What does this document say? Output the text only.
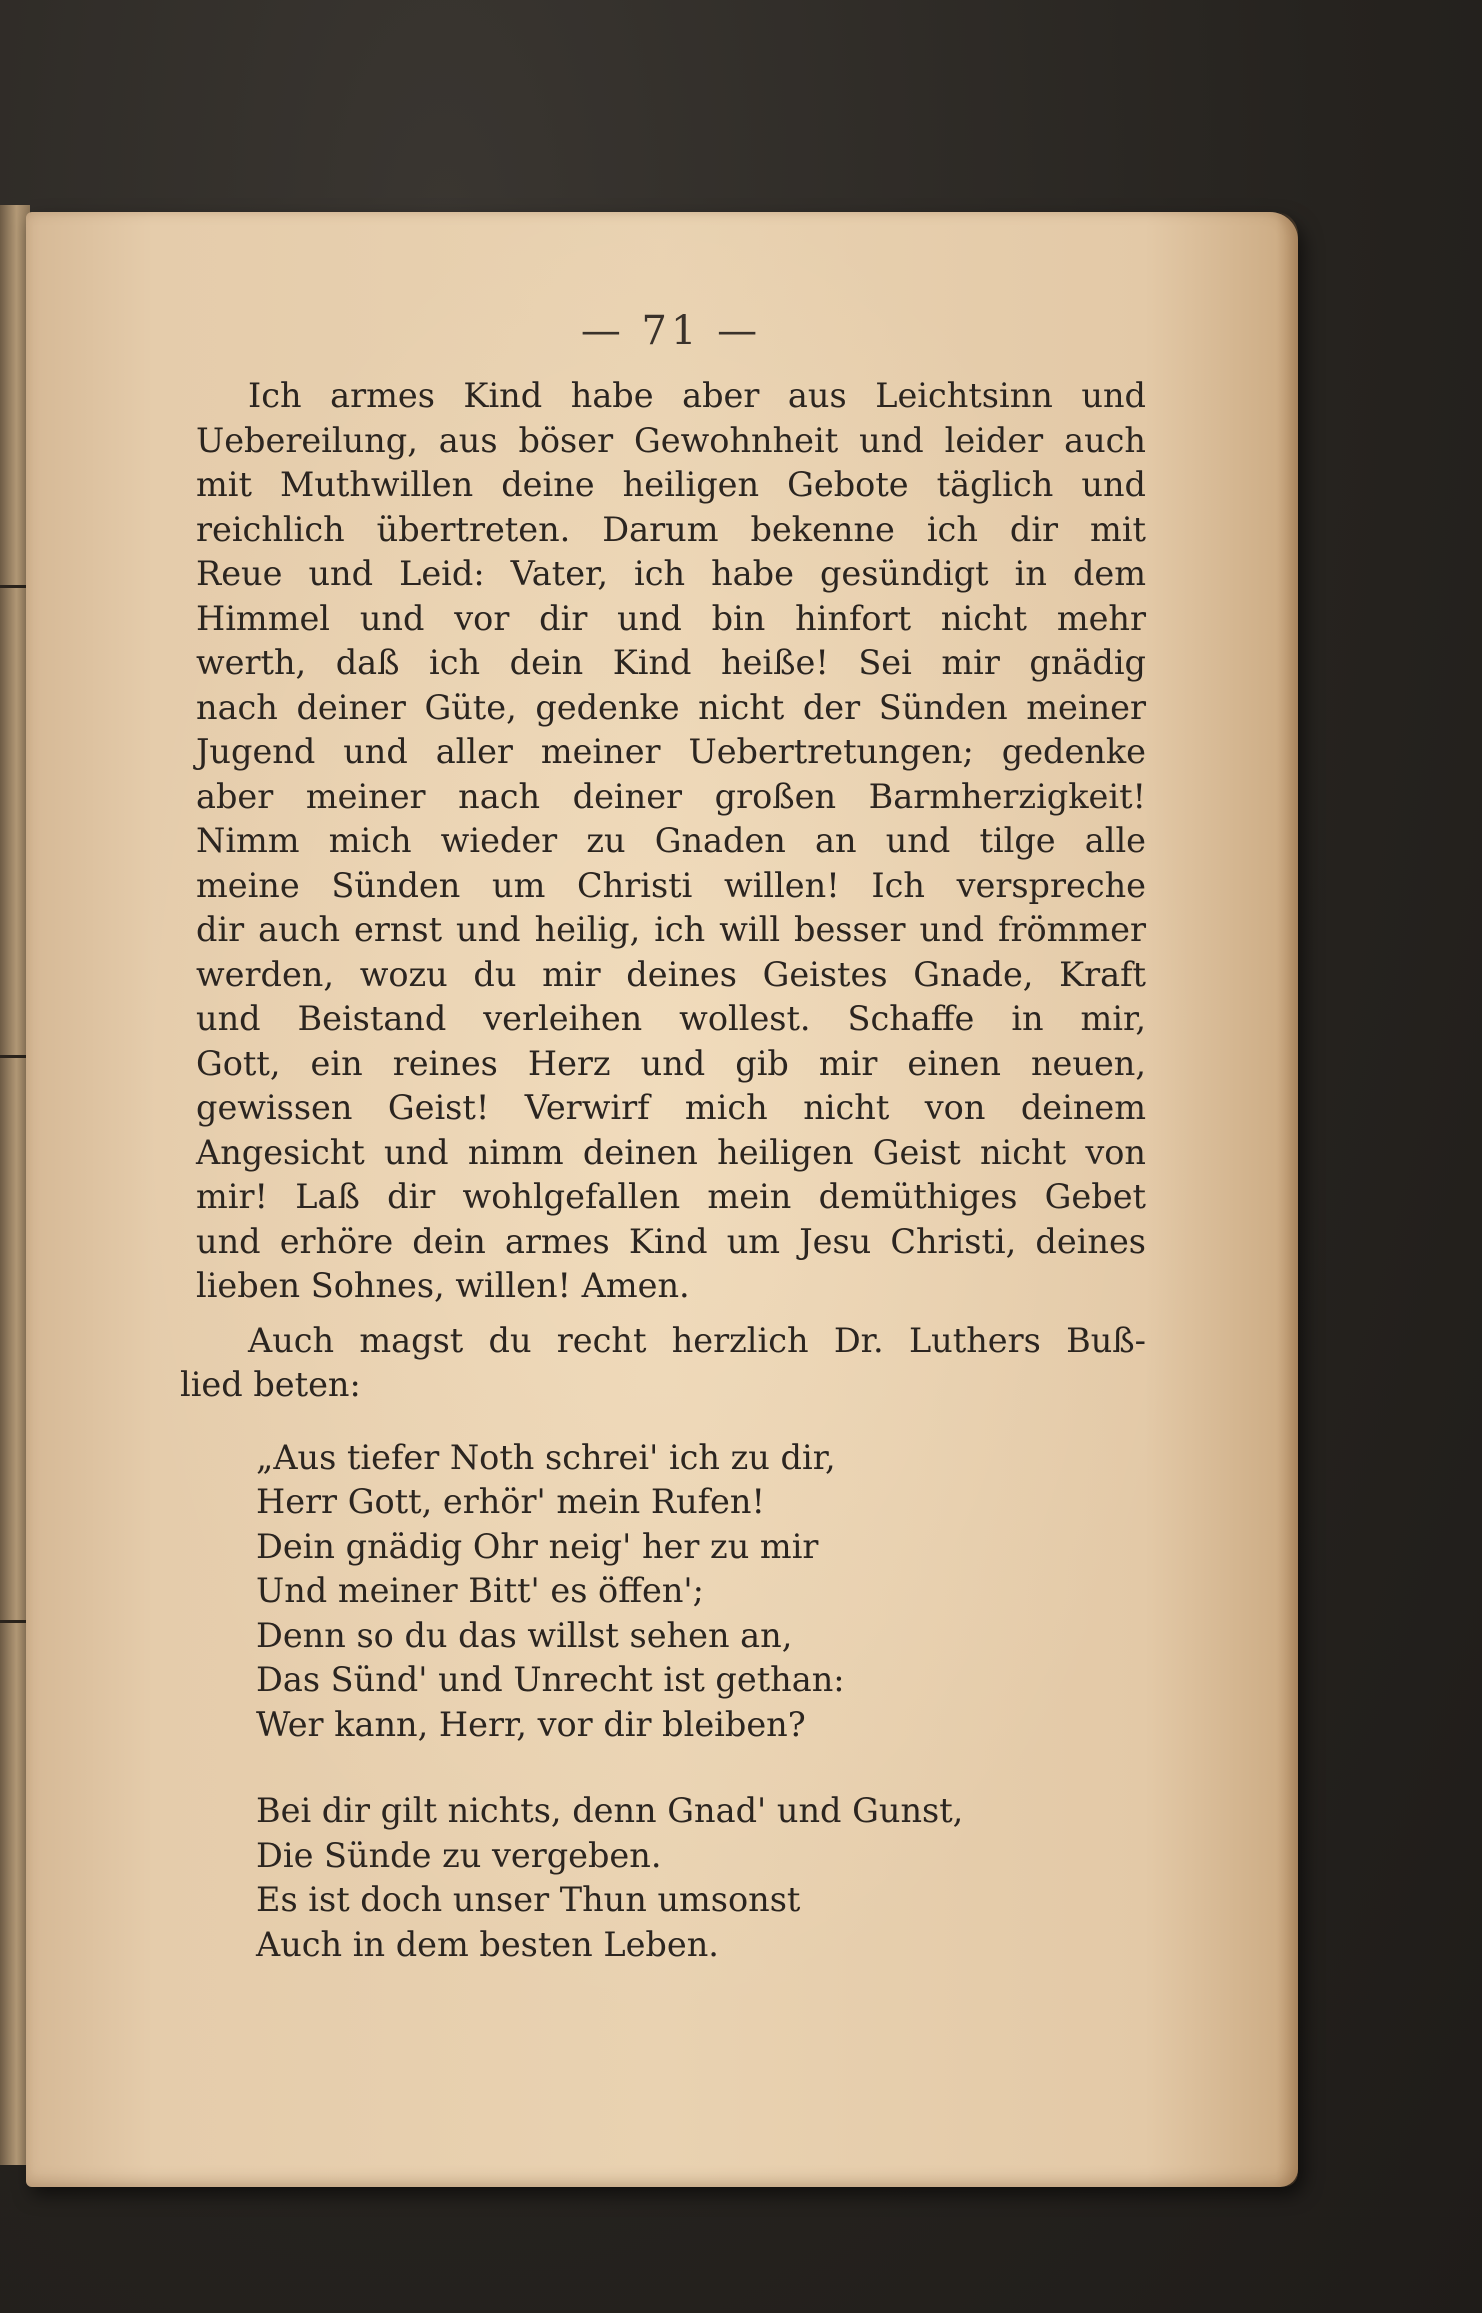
— 71 —

Ich armes Kind habe aber aus Leichtsinn und
Uebereilung, aus böser Gewohnheit und leider auch
mit Muthwillen deine heiligen Gebote täglich und
reichlich übertreten. Darum bekenne ich dir mit
Reue und Leid: Vater, ich habe gesündigt in dem
Himmel und vor dir und bin hinfort nicht mehr
werth, daß ich dein Kind heiße! Sei mir gnädig
nach deiner Güte, gedenke nicht der Sünden meiner
Jugend und aller meiner Uebertretungen; gedenke
aber meiner nach deiner großen Barmherzigkeit!
Nimm mich wieder zu Gnaden an und tilge alle
meine Sünden um Christi willen! Ich verspreche
dir auch ernst und heilig, ich will besser und frömmer
werden, wozu du mir deines Geistes Gnade, Kraft
und Beistand verleihen wollest. Schaffe in mir,
Gott, ein reines Herz und gib mir einen neuen,
gewissen Geist! Verwirf mich nicht von deinem
Angesicht und nimm deinen heiligen Geist nicht von
mir! Laß dir wohlgefallen mein demüthiges Gebet
und erhöre dein armes Kind um Jesu Christi, deines
lieben Sohnes, willen! Amen.

Auch magst du recht herzlich Dr. Luthers Buß-
lied beten:

„Aus tiefer Noth schrei' ich zu dir,
Herr Gott, erhör' mein Rufen!
Dein gnädig Ohr neig' her zu mir
Und meiner Bitt' es öffen';
Denn so du das willst sehen an,
Das Sünd' und Unrecht ist gethan:
Wer kann, Herr, vor dir bleiben?
Bei dir gilt nichts, denn Gnad' und Gunst,
Die Sünde zu vergeben.
Es ist doch unser Thun umsonst
Auch in dem besten Leben.
